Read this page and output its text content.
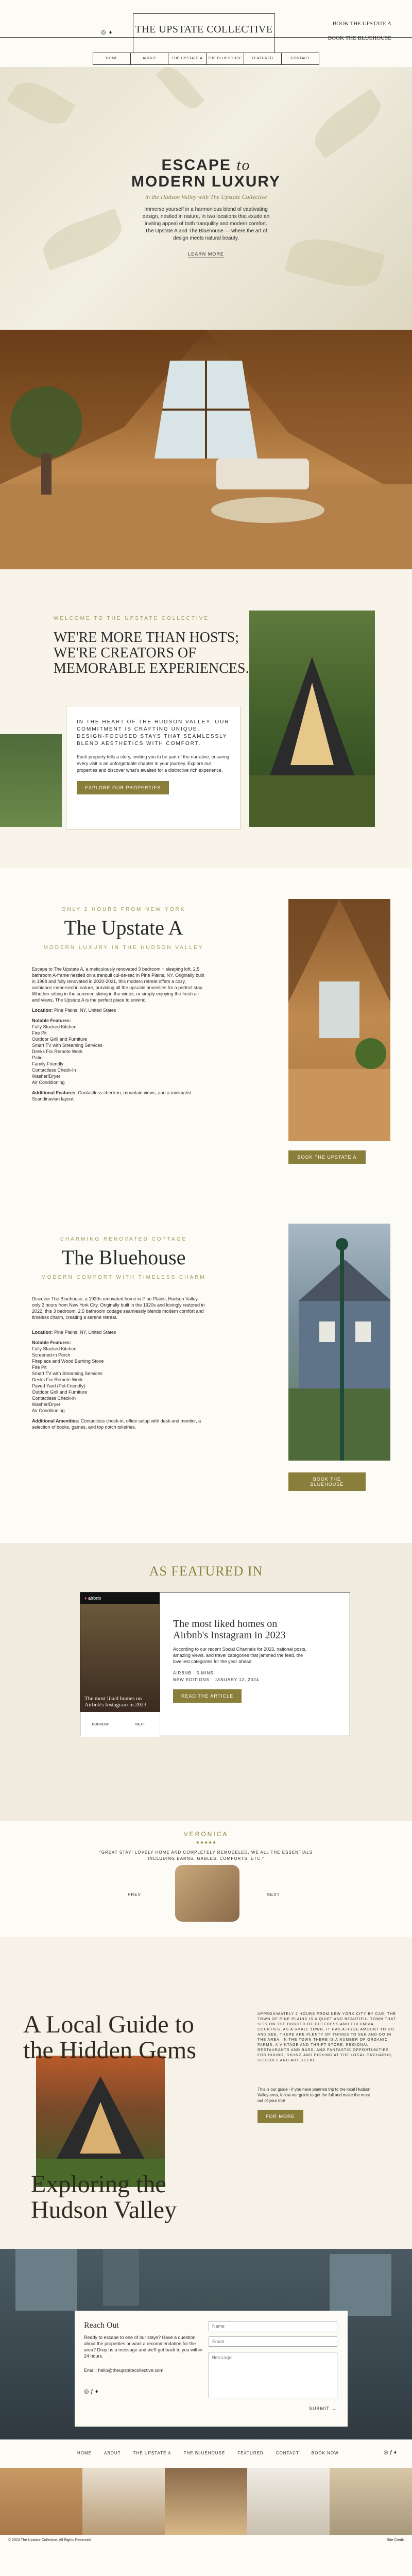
◎ ♦ THE UPSTATE COLLECTIVE	BOOK THE UPSTATE A
BOOK THE BLUEHOUSE
HOME	ABOUT	THE UPSTATE A	THE BLUEHOUSE	FEATURED	CONTACT
ESCAPE to
MODERN LUXURY
in the Hudson Valley with The Upstate Collective
Immerse yourself in a harmonious blend of captivating design, nestled in nature, in two locations that exude an inviting appeal of both tranquility and modern comfort. The Upstate A and The Bluehouse — where the art of design meets natural beauty.
LEARN MORE
WELCOME TO THE UPSTATE COLLECTIVE
WE'RE MORE THAN HOSTS;
WE'RE CREATORS OF
MEMORABLE EXPERIENCES.
IN THE HEART OF THE HUDSON VALLEY, OUR COMMITMENT IS CRAFTING UNIQUE, DESIGN-FOCUSED STAYS THAT SEAMLESSLY BLEND AESTHETICS WITH COMFORT.
Each property tells a story, inviting you to be part of the narrative, ensuring every visit is an unforgettable chapter in your journey. Explore our properties and discover what's awaited for a distinctive rich experience.
EXPLORE OUR PROPERTIES
ONLY 2 HOURS FROM NEW YORK
The Upstate A
MODERN LUXURY IN THE HUDSON VALLEY
Escape to The Upstate A, a meticulously renovated 3 bedroom + sleeping loft, 2.5 bathroom A-frame nestled on a tranquil cul-de-sac in Pine Plains, NY. Originally built in 1968 and fully renovated in 2020-2021, this modern retreat offers a cozy, ambiance immersed in nature, providing all the upscale amenities for a perfect stay. Whether sitting in the summer, skiing in the winter, or simply enjoying the fresh air and views, The Upstate A is the perfect place to unwind.
Location: Pine Plains, NY, United States
Notable Features:
Fully Stocked Kitchen
Fire Pit
Outdoor Grill and Furniture
Smart TV with Streaming Services
Desks For Remote Work
Patio
Family Friendly
Contactless Check-In
Washer/Dryer
Air Conditioning
Additional Features: Contactless check-in, mountain views, and a minimalist Scandinavian layout.
BOOK THE UPSTATE A
CHARMING RENOVATED COTTAGE
The Bluehouse
MODERN COMFORT WITH TIMELESS CHARM
Discover The Bluehouse, a 1920s renovated home in Pine Plains, Hudson Valley, only 2 hours from New York City. Originally built in the 1920s and lovingly restored in 2022, this 3 bedroom, 2.5 bathroom cottage seamlessly blends modern comfort and timeless charm, creating a serene retreat.
Location: Pine Plains, NY, United States
Notable Features:
Fully Stocked Kitchen
Screened-in Porch
Fireplace and Wood Burning Stove
Fire Pit
Smart TV with Streaming Services
Desks For Remote Work
Paved Yard (Pet-Friendly)
Outdoor Grill and Furniture
Contactless Check-in
Washer/Dryer
Air Conditioning
Additional Amenities: Contactless check-in, office setup with desk and monitor, a selection of books, games, and top notch toiletries.
BOOK THE BLUEHOUSE
AS FEATURED IN
♦ airbnb
The most liked homes on Airbnb's Instagram in 2023
BORROW	NEXT
The most liked homes on Airbnb's Instagram in 2023
According to our recent Social Channels for 2023, national posts, amazing views, and travel categories that jammed the feed, the loveliest categories for the year ahead.
AIRBNB · 5 MINS
NEW EDITIONS · JANUARY 12, 2024
READ THE ARTICLE
VERONICA
★★★★★
"GREAT STAY! LOVELY HOME AND COMPLETELY REMODELED. WE ALL THE ESSENTIALS INCLUDING BARNS, GABLES, COMFORTS, ETC."
PREV	NEXT
A Local Guide to
the Hidden Gems
Exploring the
Hudson Valley
APPROXIMATELY 2 HOURS FROM NEW YORK CITY BY CAR, THE TOWN OF PINE PLAINS IS A QUIET AND BEAUTIFUL TOWN THAT SITS ON THE BORDER OF DUTCHESS AND COLUMBIA COUNTIES. AS A SMALL TOWN, IT HAS A HUGE AMOUNT TO DO AND SEE. THERE ARE PLENTY OF THINGS TO SEE AND DO IN THE AREA. IN THE TOWN THERE IS A NUMBER OF ORGANIC FARMS, A VINTAGE AND THRIFT STORE, REGIONAL RESTAURANTS AND BARS, AND FANTASTIC OPPORTUNITIES FOR HIKING, SKIING AND PICKING AT THE LOCAL ORCHARDS, SCHOOLS AND ART SCENE.
This is our guide - if you have planned trip to the local Hudson Valley area, follow our guide to get the full and make the most out of your trip!
FOR MORE
Reach Out
Ready to escape to one of our stays? Have a question about the properties or want a recommendation for the area? Drop us a message and we'll get back to you within 24 hours.
Email: hello@theupstatecollective.com
◎ ƒ ♦
Name
Email
Message
SUBMIT →
HOME	ABOUT	THE UPSTATE A	THE BLUEHOUSE	FEATURED	CONTACT	BOOK NOW	◎ ƒ ♦
© 2024 The Upstate Collective. All Rights Reserved.	Site Credit
